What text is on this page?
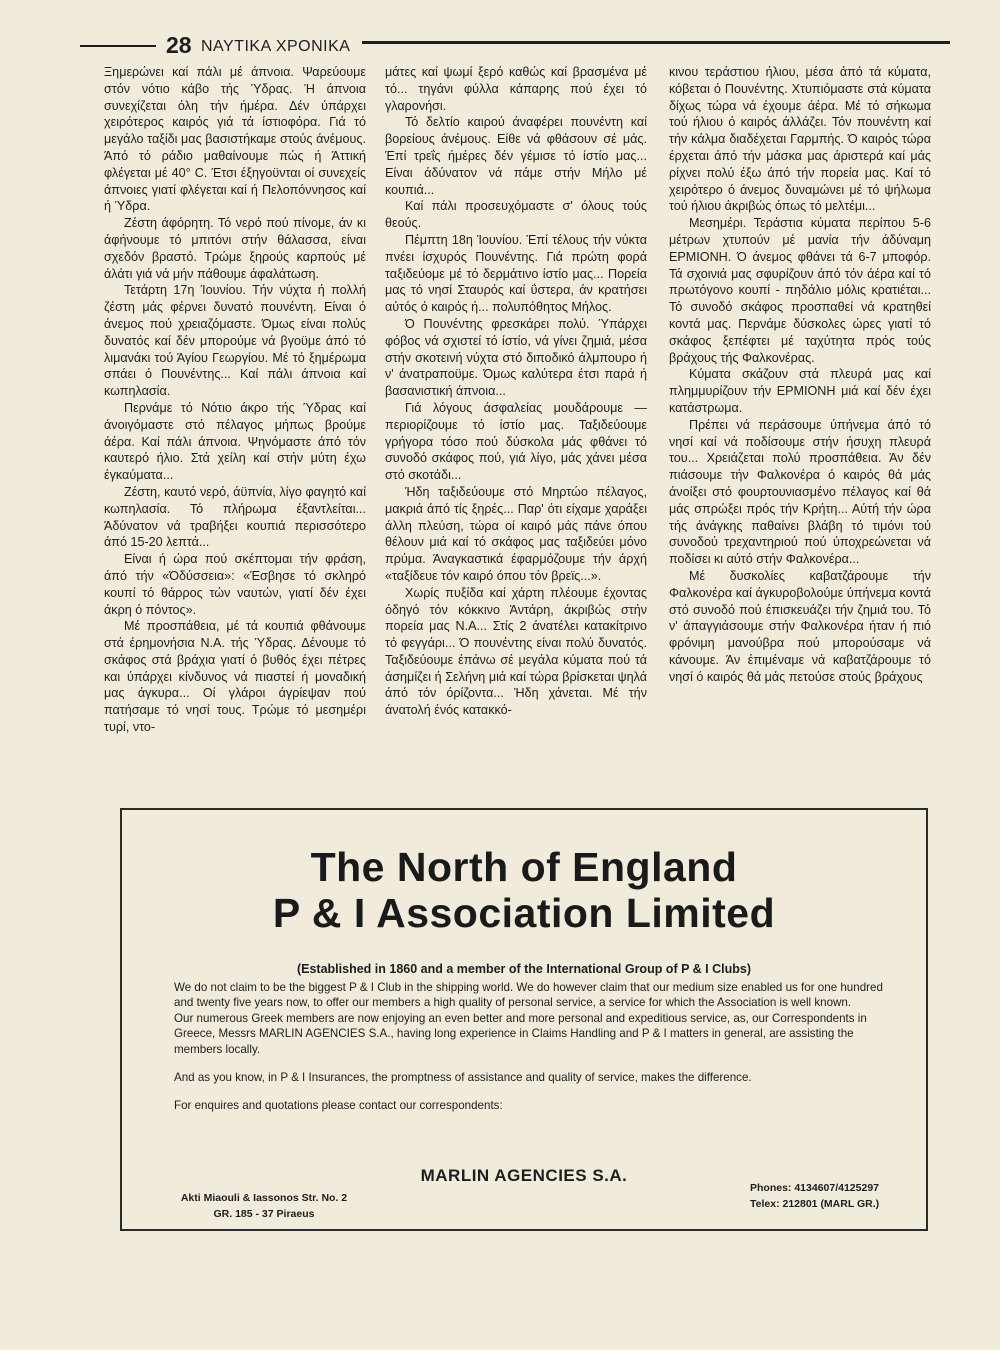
28 ΝΑΥΤΙΚΑ ΧΡΟΝΙΚΑ

Ξημερώνει καί πάλι μέ άπνοια. Ψαρεύουμε στόν νότιο κάβο τής Ύδρας. Ή άπνοια συνεχίζεται όλη τήν ήμέρα. Δέν ύπάρχει χειρότερος καιρός γιά τά ίστιοφόρα. Γιά τό μεγάλο ταξίδι μας βασιστήκαμε στούς άνέμους. Άπό τό ράδιο μαθαίνουμε πώς ή Άττική φλέγεται μέ 40° C. Έτσι έξηγοϋνται οί συνεχείς άπνοιες γιατί φλέγεται καί ή Πελοπόννησος καί ή Ύδρα.

Ζέστη άφόρητη. Τό νερό πού πίνομε, άν κι άφήνουμε τό μπιτόνι στήν θάλασσα, είναι σχεδόν βραστό. Τρώμε ξηρούς καρπούς μέ άλάτι γιά νά μήν πάθουμε άφαλάτωση.

Τετάρτη 17η Ίουνίου. Τήν νύχτα ή πολλή ζέστη μάς φέρνει δυνατό πουνέντη. Είναι ό άνεμος πού χρειαζόμαστε. Όμως είναι πολύς δυνατός καί δέν μπορούμε νά βγοϋμε άπό τό λιμανάκι τού Άγίου Γεωργίου. Μέ τό ξημέρωμα σπάει ό Πουνέντης... Καί πάλι άπνοια καί κωπηλασία.

Περνάμε τό Νότιο άκρο τής Ύδρας καί άνοιγόμαστε στό πέλαγος μήπως βρούμε άέρα. Καί πάλι άπνοια. Ψηνόμαστε άπό τόν καυτερό ήλιο. Στά χείλη καί στήν μύτη έχω έγκαύματα...

Ζέστη, καυτό νερό, άϋπνία, λίγο φαγητό καί κωπηλασία. Τό πλήρωμα έξαντλείται... Άδύνατον νά τραβήξει κουπιά περισσότερο άπό 15-20 λεπτά...

Είναι ή ώρα πού σκέπτομαι τήν φράση, άπό τήν «Όδύσσεια»: «Έσβησε τό σκληρό κουπί τό θάρρος τών ναυτών, γιατί δέν έχει άκρη ό πόντος».

Μέ προσπάθεια, μέ τά κουπιά φθάνουμε στά έρημονήσια Ν.Α. τής Ύδρας. Δένουμε τό σκάφος στά βράχια γιατί ό βυθός έχει πέτρες και ύπάρχει κίνδυνος νά πιαστεί ή μοναδική μας άγκυρα... Οί γλάροι άγρίεψαν πού πατήσαμε τό νησί τους. Τρώμε τό μεσημέρι τυρί, ντο-

μάτες καί ψωμί ξερό καθώς καί βρασμένα μέ τό... τηγάνι φύλλα κάπαρης πού έχει τό γλαρονήσι.

Τό δελτίο καιρού άναφέρει πουνέντη καί βορείους άνέμους. Είθε νά φθάσουν σέ μάς. Έπί τρεΐς ήμέρες δέν γέμισε τό ίστίο μας... Είναι άδύνατον νά πάμε στήν Μήλο μέ κουπιά...

Καί πάλι προσευχόμαστε σ' όλους τούς θεούς.

Πέμπτη 18η Ίουνίου. Έπί τέλους τήν νύκτα πνέει ίσχυρός Πουνέντης. Γιά πρώτη φορά ταξιδεύομε μέ τό δερμάτινο ίστίο μας... Πορεία μας τό νησί Σταυρός καί ΰστερα, άν κρατήσει αύτός ό καιρός ή... πολυπόθητος Μήλος.

Ό Πουνέντης φρεσκάρει πολύ. Ύπάρχει φόβος νά σχιστεί τό ίστίο, νά γίνει ζημιά, μέσα στήν σκοτεινή νύχτα στό διποδικό άλμπουρο ή ν' άνατραποϋμε. Όμως καλύτερα έτσι παρά ή βασανιστική άπνοια...

Γιά λόγους άσφαλείας μουδάρουμε — περιορίζουμε τό ίστίο μας. Ταξιδεύουμε γρήγορα τόσο πού δύσκολα μάς φθάνει τό συνοδό σκάφος πού, γιά λίγο, μάς χάνει μέσα στό σκοτάδι...

Ήδη ταξιδεύουμε στό Μηρτώο πέλαγος, μακριά άπό τίς ξηρές... Παρ' ότι είχαμε χαράξει άλλη πλεύση, τώρα οί καιρό μάς πάνε όπου θέλουν μιά καί τό σκάφος μας ταξιδεύει μόνο πρύμα. Άναγκαστικά έφαρμόζουμε τήν άρχή «ταξίδευε τόν καιρό όπου τόν βρεϊς...».

Χωρίς πυξίδα καί χάρτη πλέουμε έχοντας όδηγό τόν κόκκινο Άντάρη, άκριβώς στήν πορεία μας Ν.Α... Στίς 2 άνατέλει κατακίτρινο τό φεγγάρι... Ό πουνέντης είναι πολύ δυνατός. Ταξιδεύουμε έπάνω σέ μεγάλα κύματα πού τά άσημίζει ή Σελήνη μιά καί τώρα βρίσκεται ψηλά άπό τόν όρίζοντα... Ήδη χάνεται. Μέ τήν άνατολή ένός κατακκό-

κινου τεράστιου ήλιου, μέσα άπό τά κύματα, κόβεται ό Πουνέντης. Χτυπιόμαστε στά κύματα δίχως τώρα νά έχουμε άέρα. Μέ τό σήκωμα τού ήλιου ό καιρός άλλάζει. Τόν πουνέντη καί τήν κάλμα διαδέχεται Γαρμπής. Ό καιρός τώρα έρχεται άπό τήν μάσκα μας άριστερά καί μάς ρίχνει πολύ έξω άπό τήν πορεία μας. Καί τό χειρότερο ό άνεμος δυναμώνει μέ τό ψήλωμα τού ήλιου άκριβώς όπως τό μελτέμι...

Μεσημέρι. Τεράστια κύματα περίπου 5-6 μέτρων χτυπούν μέ μανία τήν άδύναμη ΕΡΜΙΟΝΗ. Ό άνεμος φθάνει τά 6-7 μποφόρ. Τά σχοινιά μας σφυρίζουν άπό τόν άέρα καί τό πρωτόγονο κουπί - πηδάλιο μόλις κρατιέται... Τό συνοδό σκάφος προσπαθεί νά κρατηθεί κοντά μας. Περνάμε δύσκολες ώρες γιατί τό σκάφος ξεπέφτει μέ ταχύτητα πρός τούς βράχους τής Φαλκονέρας.

Κύματα σκάζουν στά πλευρά μας καί πλημμυρίζουν τήν ΕΡΜΙΟΝΗ μιά καί δέν έχει κατάστρωμα.

Πρέπει νά περάσουμε ύπήνεμα άπό τό νησί καί νά ποδίσουμε στήν ήσυχη πλευρά του... Χρειάζεται πολύ προσπάθεια. Άν δέν πιάσουμε τήν Φαλκονέρα ό καιρός θά μάς άνοίξει στό φουρτουνιασμένο πέλαγος καί θά μάς σπρώξει πρός τήν Κρήτη... Αύτή τήν ώρα τής άνάγκης παθαίνει βλάβη τό τιμόνι τού συνοδού τρεχαντηριού πού ύποχρεώνεται νά ποδίσει κι αύτό στήν Φαλκονέρα...

Μέ δυσκολίες καβατζάρουμε τήν Φαλκονέρα καί άγκυροβολούμε ύπήνεμα κοντά στό συνοδό πού έπισκευάζει τήν ζημιά του. Τό ν' άπαγγιάσουμε στήν Φαλκονέρα ήταν ή πιό φρόνιμη μανούβρα πού μπορούσαμε νά κάνουμε. Άν έπιμέναμε νά καβατζάρουμε τό νησί ό καιρός θά μάς πετούσε στούς βράχους

The North of England
P & I Association Limited
(Established in 1860 and a member of the International Group of P & I Clubs)

We do not claim to be the biggest P & I Club in the shipping world. We do however claim that our medium size enabled us for one hundred and twenty five years now, to offer our members a high quality of personal service, a service for which the Association is well known.

Our numerous Greek members are now enjoying an even better and more personal and expeditious service, as, our Correspondents in Greece, Messrs MARLIN AGENCIES S.A., having long experience in Claims Handling and P & I matters in general, are assisting the members locally.

And as you know, in P & I Insurances, the promptness of assistance and quality of service, makes the difference.

For enquires and quotations please contact our correspondents:

MARLIN AGENCIES S.A.
Akti Miaouli & Iassonos Str. No. 2
GR. 185 - 37 Piraeus
Phones: 4134607/4125297
Telex: 212801 (MARL GR.)
